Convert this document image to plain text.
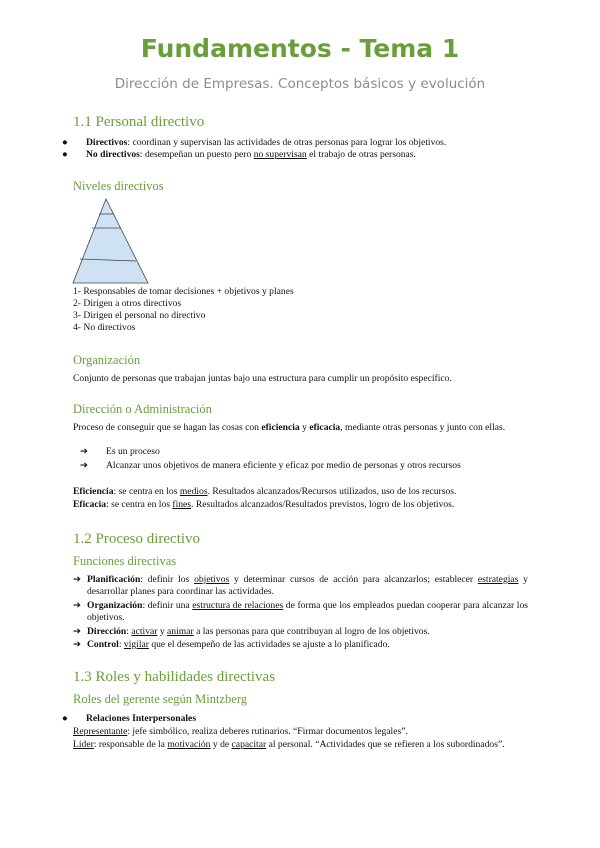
Fundamentos - Tema 1
Dirección de Empresas. Conceptos básicos y evolución
1.1 Personal directivo
● Directivos: coordinan y supervisan las actividades de otras personas para lograr los objetivos.
● No directivos: desempeñan un puesto pero no supervisan el trabajo de otras personas.
Niveles directivos
1- Responsables de tomar decisiones + objetivos y planes
2- Dirigen a otros directivos
3- Dirigen el personal no directivo
4- No directivos
Organización
Conjunto de personas que trabajan juntas bajo una estructura para cumplir un propósito específico.
Dirección o Administración
Proceso de conseguir que se hagan las cosas con eficiencia y eficacia, mediante otras personas y junto con ellas.
➔ Es un proceso
➔ Alcanzar unos objetivos de manera eficiente y eficaz por medio de personas y otros recursos
Eficiencia: se centra en los medios. Resultados alcanzados/Recursos utilizados, uso de los recursos.
Eficacia: se centra en los fines. Resultados alcanzados/Resultados previstos, logro de los objetivos.
1.2 Proceso directivo
Funciones directivas
➔ Planificación: definir los objetivos y determinar cursos de acción para alcanzarlos; establecer estrategias y desarrollar planes para coordinar las actividades.
➔ Organización: definir una estructura de relaciones de forma que los empleados puedan cooperar para alcanzar los objetivos.
➔ Dirección: activar y animar a las personas para que contribuyan al logro de los objetivos.
➔ Control: vigilar que el desempeño de las actividades se ajuste a lo planificado.
1.3 Roles y habilidades directivas
Roles del gerente según Mintzberg
● Relaciones Interpersonales
Representante: jefe simbólico, realiza deberes rutinarios. “Firmar documentos legales”.
Líder: responsable de la motivación y de capacitar al personal. “Actividades que se refieren a los subordinados”.
